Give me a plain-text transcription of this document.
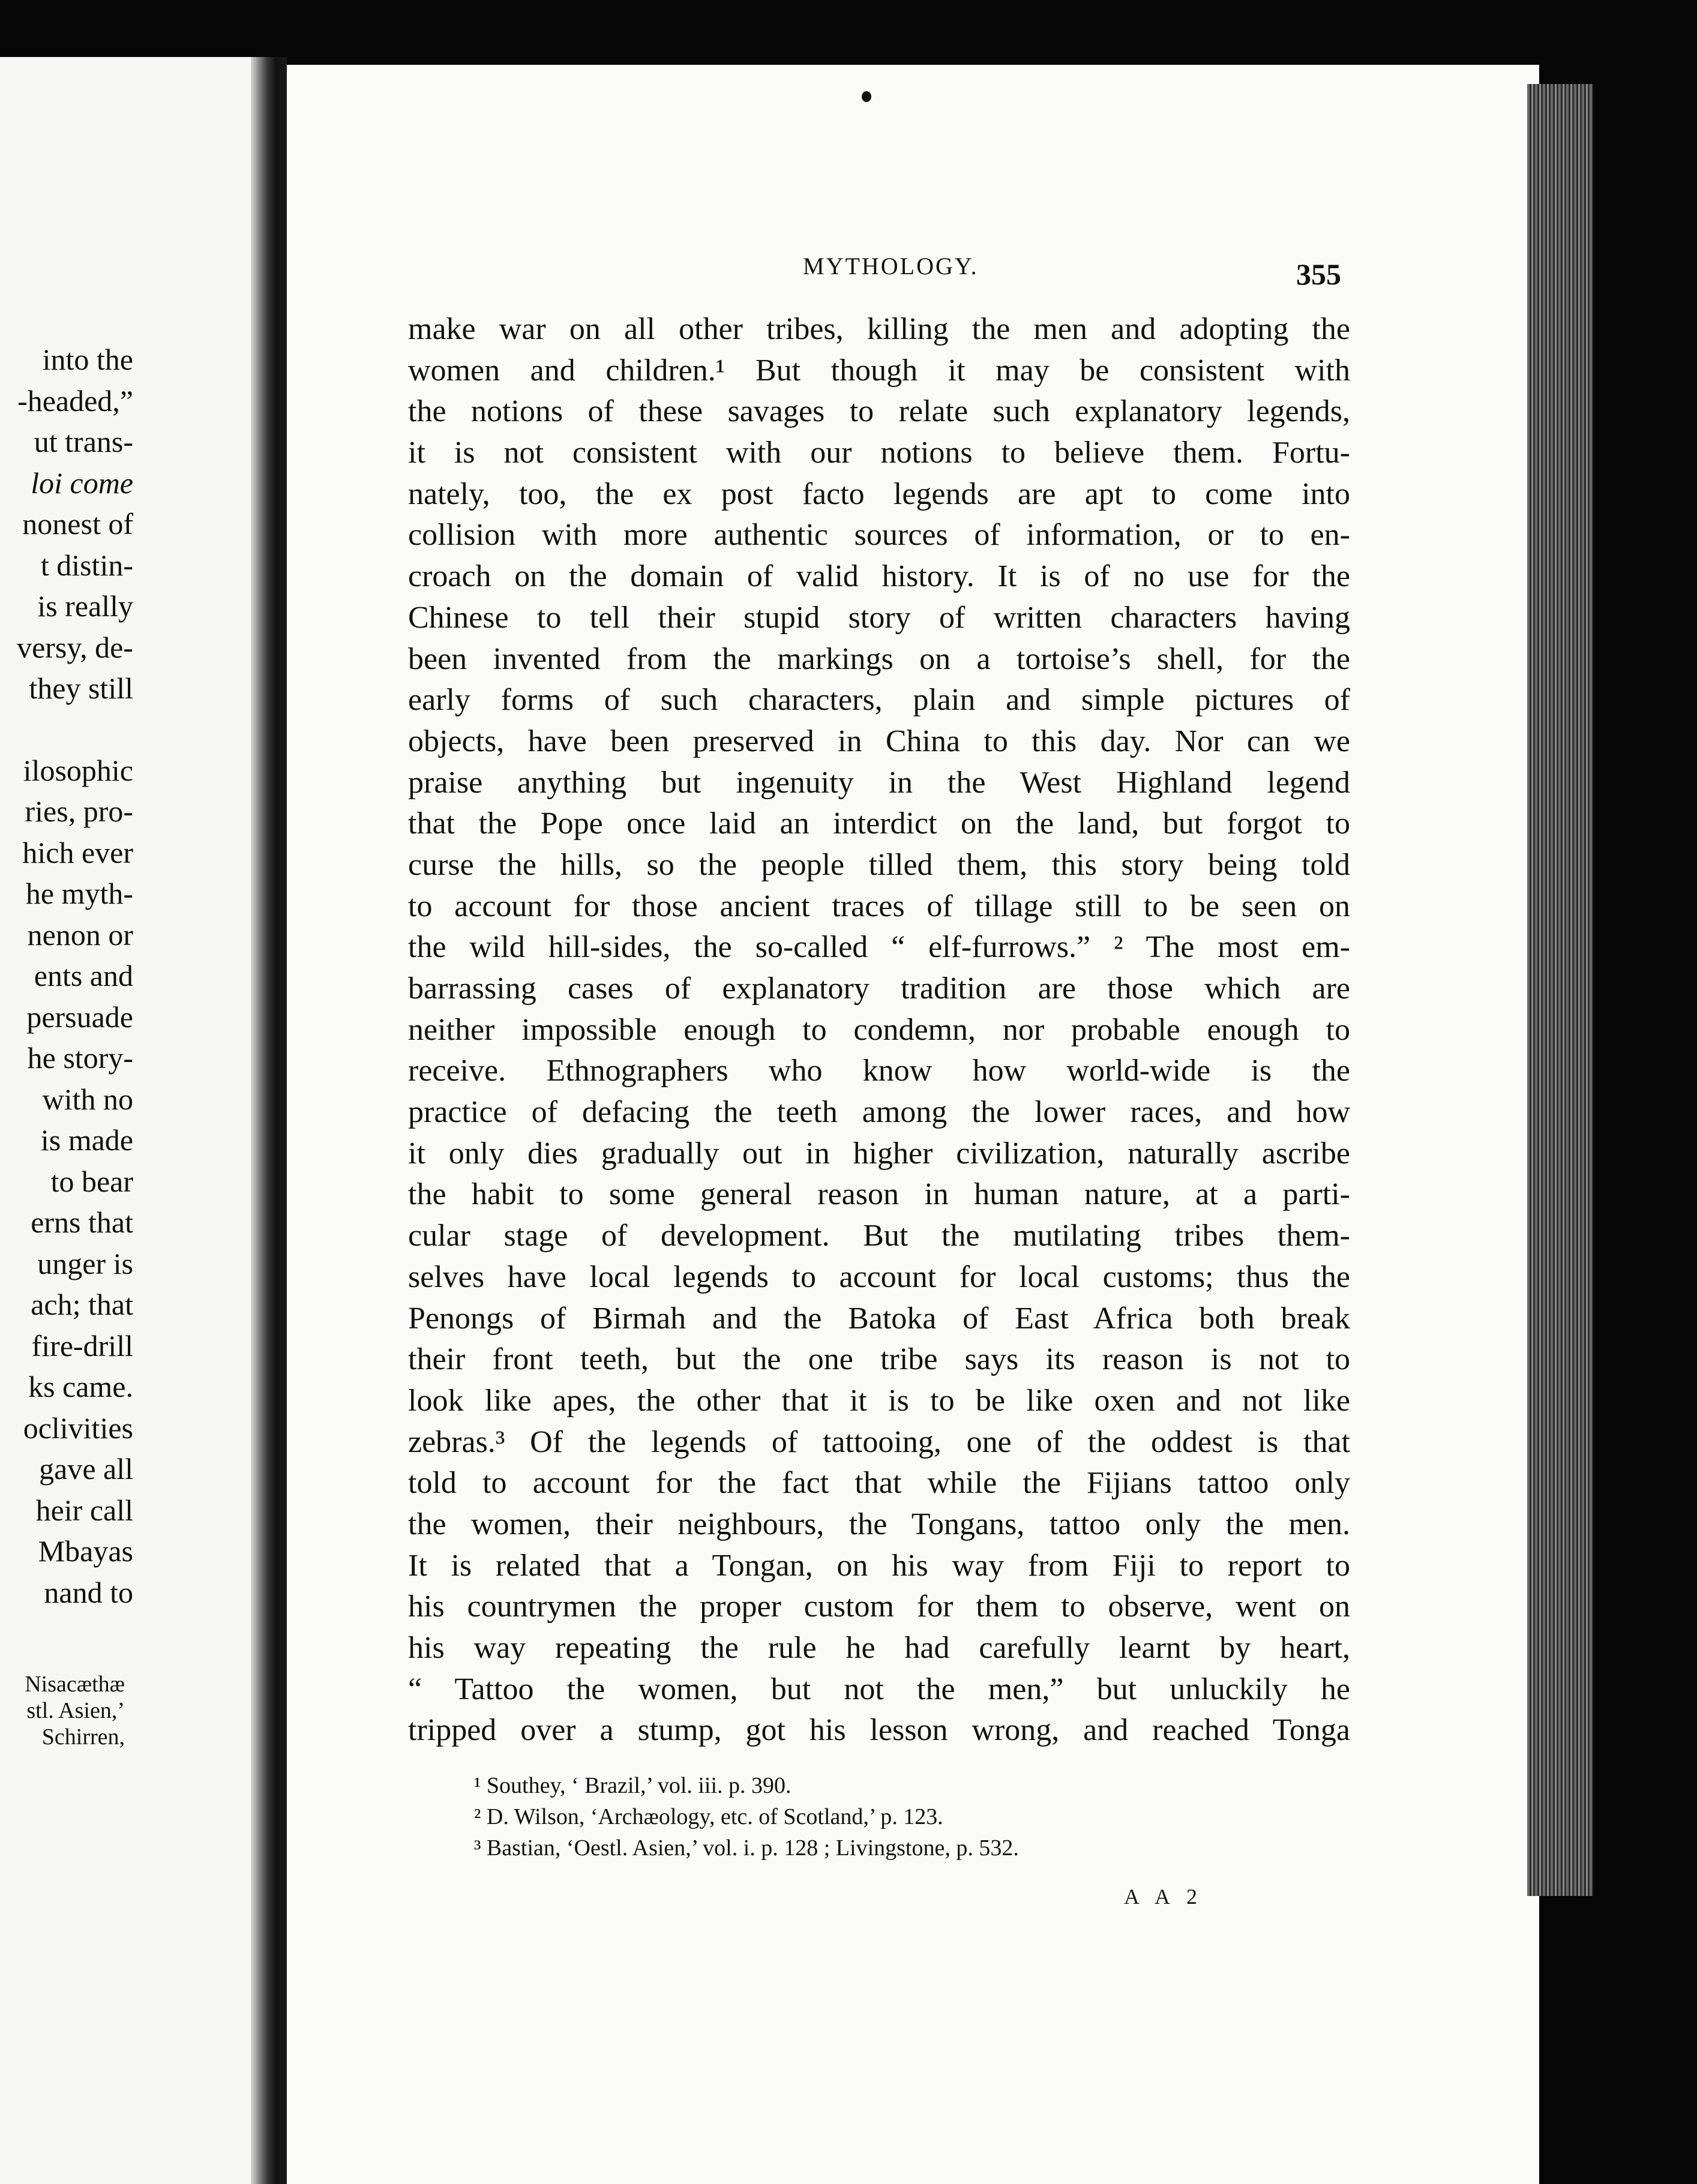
into the
-headed,”
ut trans-
loi come
nonest of
t distin-
is really
versy, de-
they still
ilosophic
ries, pro-
hich ever
he myth-
nenon or
ents and
persuade
he story-
with no
is made
to bear
erns that
unger is
ach; that
fire-drill
ks came.
oclivities
gave all
heir call
Mbayas
nand to
Nisacæthæ
stl. Asien,’
Schirren,
MYTHOLOGY.	355
make war on all other tribes, killing the men and adopting the
women and children.¹ But though it may be consistent with
the notions of these savages to relate such explanatory legends,
it is not consistent with our notions to believe them. Fortu-
nately, too, the ex post facto legends are apt to come into
collision with more authentic sources of information, or to en-
croach on the domain of valid history. It is of no use for the
Chinese to tell their stupid story of written characters having
been invented from the markings on a tortoise’s shell, for the
early forms of such characters, plain and simple pictures of
objects, have been preserved in China to this day. Nor can we
praise anything but ingenuity in the West Highland legend
that the Pope once laid an interdict on the land, but forgot to
curse the hills, so the people tilled them, this story being told
to account for those ancient traces of tillage still to be seen on
the wild hill-sides, the so-called “ elf-furrows.” ² The most em-
barrassing cases of explanatory tradition are those which are
neither impossible enough to condemn, nor probable enough to
receive. Ethnographers who know how world-wide is the
practice of defacing the teeth among the lower races, and how
it only dies gradually out in higher civilization, naturally ascribe
the habit to some general reason in human nature, at a parti-
cular stage of development. But the mutilating tribes them-
selves have local legends to account for local customs; thus the
Penongs of Birmah and the Batoka of East Africa both break
their front teeth, but the one tribe says its reason is not to
look like apes, the other that it is to be like oxen and not like
zebras.³ Of the legends of tattooing, one of the oddest is that
told to account for the fact that while the Fijians tattoo only
the women, their neighbours, the Tongans, tattoo only the men.
It is related that a Tongan, on his way from Fiji to report to
his countrymen the proper custom for them to observe, went on
his way repeating the rule he had carefully learnt by heart,
“ Tattoo the women, but not the men,” but unluckily he
tripped over a stump, got his lesson wrong, and reached Tonga
¹ Southey, ‘ Brazil,’ vol. iii. p. 390.
² D. Wilson, ‘Archæology, etc. of Scotland,’ p. 123.
³ Bastian, ‘Oestl. Asien,’ vol. i. p. 128 ; Livingstone, p. 532.
A A 2
